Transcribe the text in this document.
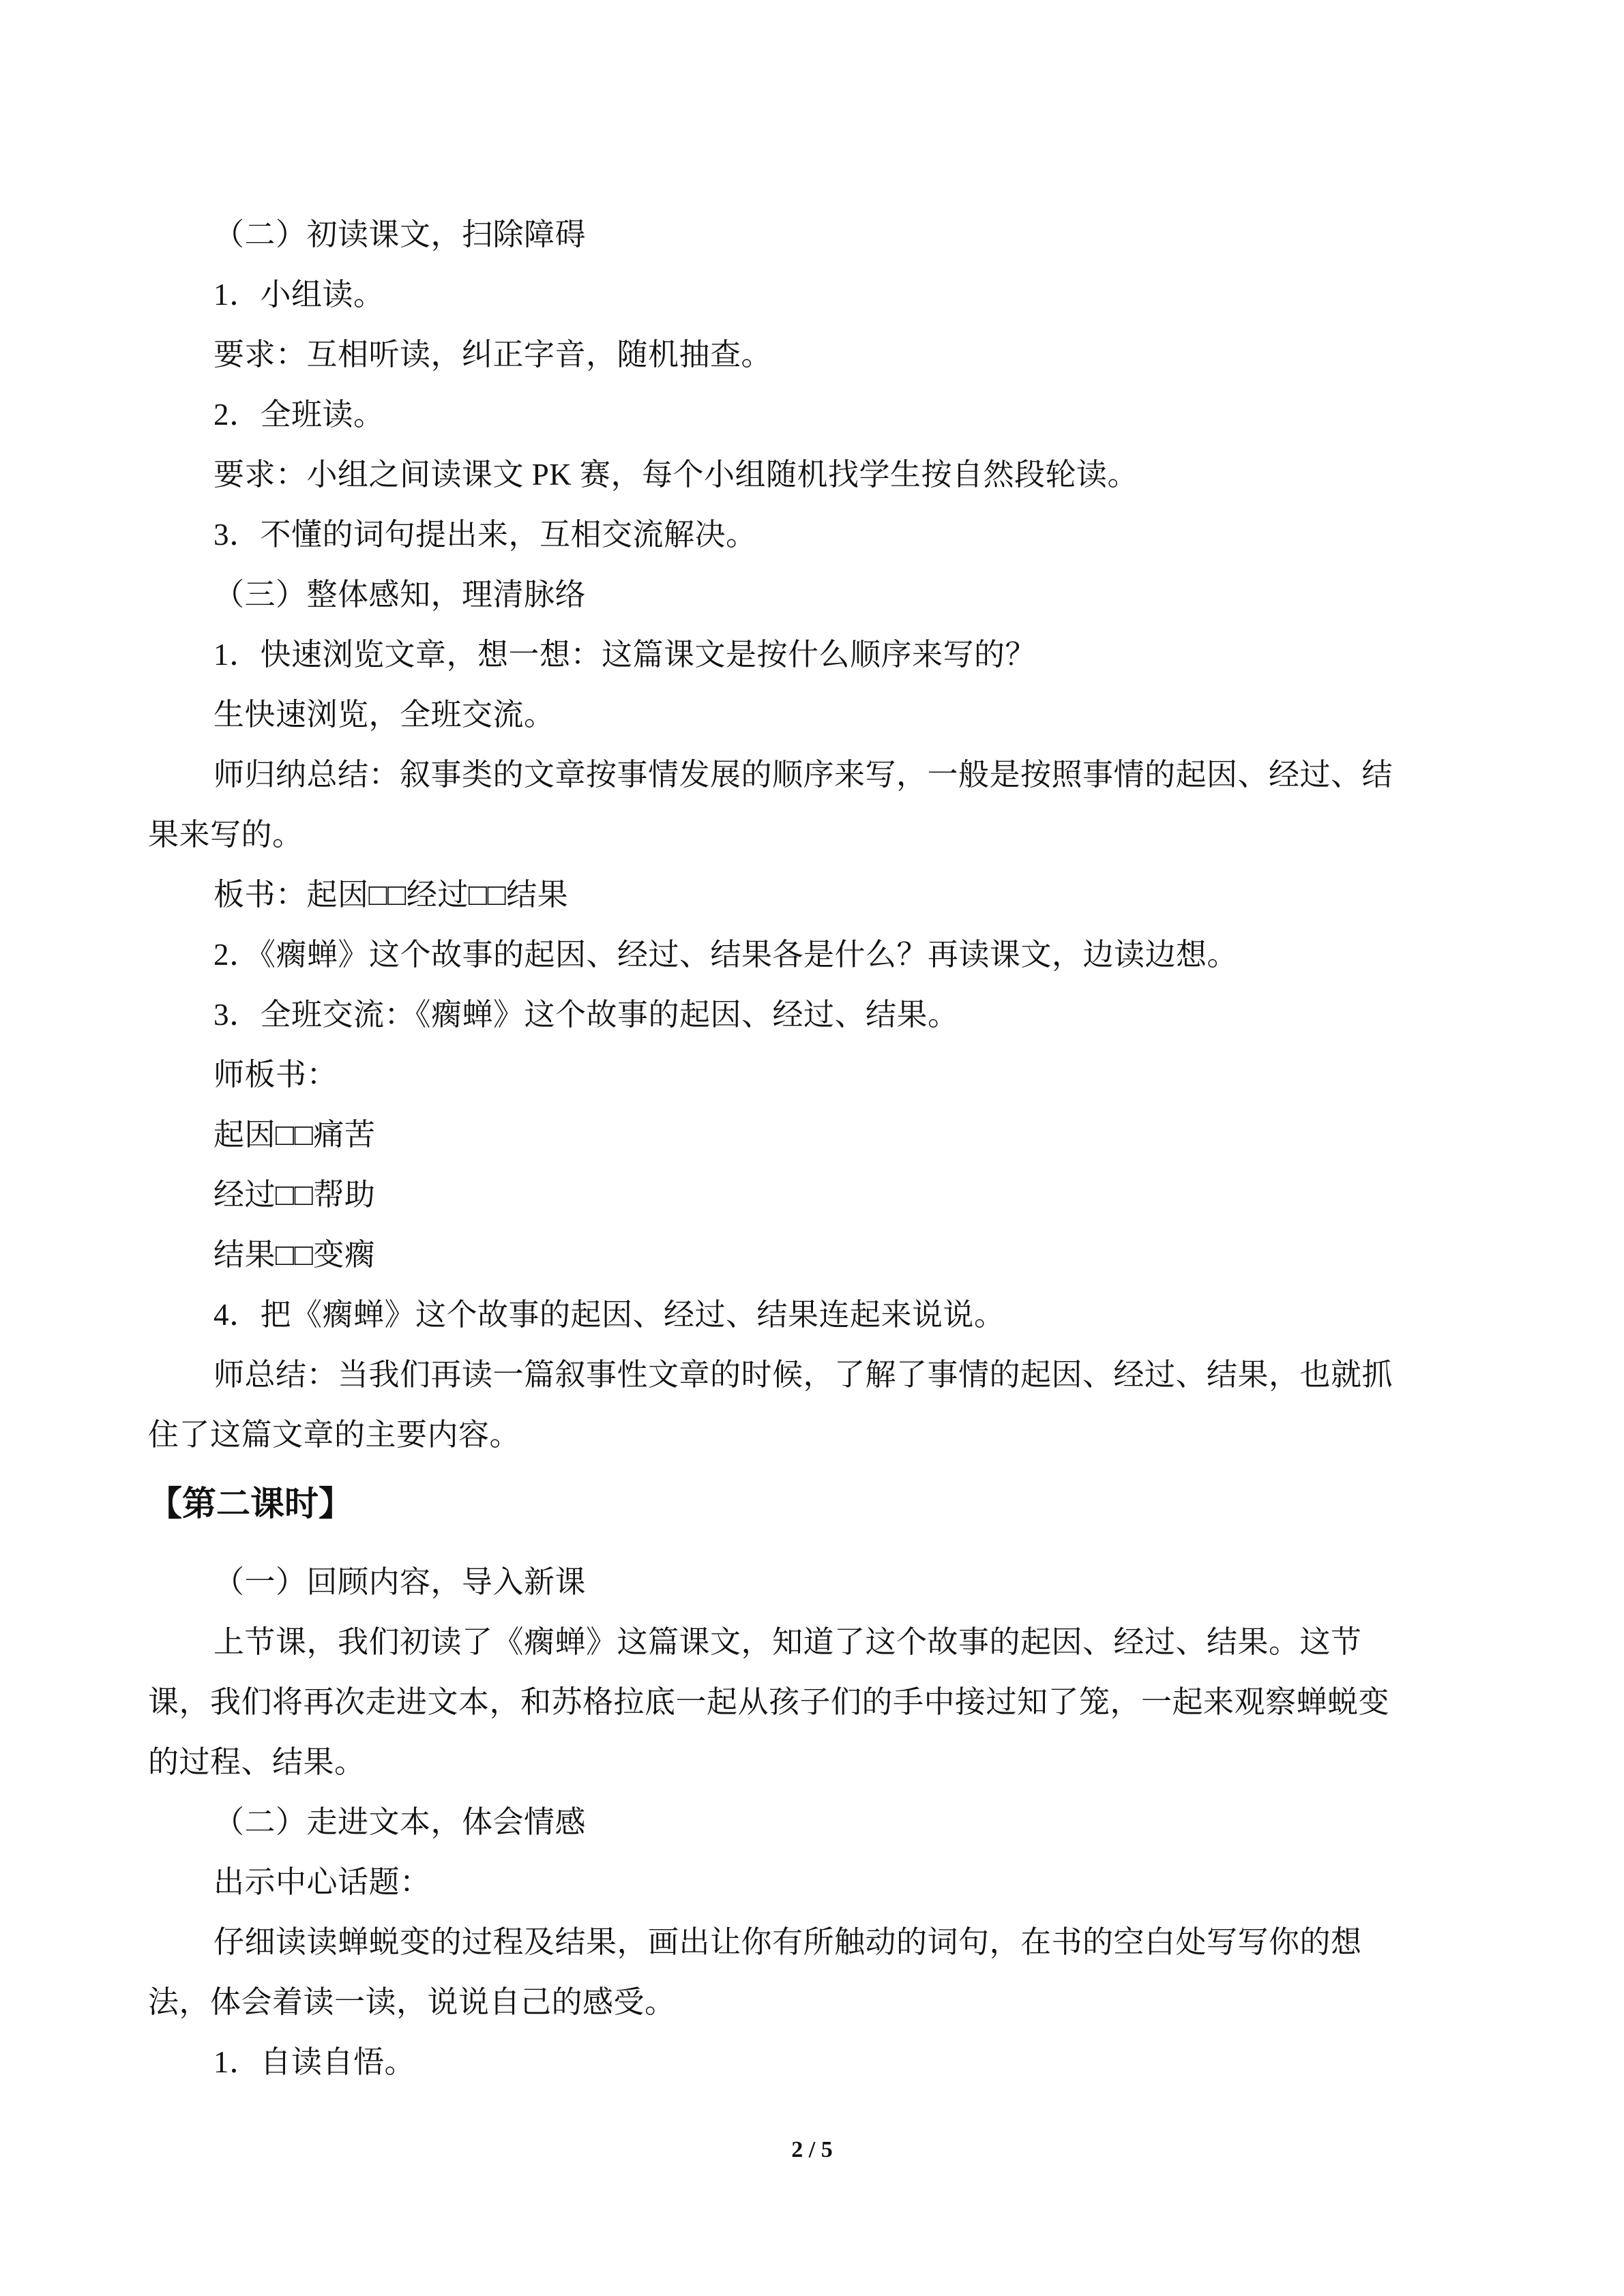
（二）初读课文，扫除障碍
1．小组读。
要求：互相听读，纠正字音，随机抽查。
2．全班读。
要求：小组之间读课文 PK 赛，每个小组随机找学生按自然段轮读。
3．不懂的词句提出来，互相交流解决。
（三）整体感知，理清脉络
1．快速浏览文章，想一想：这篇课文是按什么顺序来写的？
生快速浏览，全班交流。
师归纳总结：叙事类的文章按事情发展的顺序来写，一般是按照事情的起因、经过、结
果来写的。
板书：起因□□经过□□结果
2．《瘸蝉》这个故事的起因、经过、结果各是什么？再读课文，边读边想。
3．全班交流：《瘸蝉》这个故事的起因、经过、结果。
师板书：
起因□□痛苦
经过□□帮助
结果□□变瘸
4．把《瘸蝉》这个故事的起因、经过、结果连起来说说。
师总结：当我们再读一篇叙事性文章的时候，了解了事情的起因、经过、结果，也就抓
住了这篇文章的主要内容。
【第二课时】
（一）回顾内容，导入新课
上节课，我们初读了《瘸蝉》这篇课文，知道了这个故事的起因、经过、结果。这节
课，我们将再次走进文本，和苏格拉底一起从孩子们的手中接过知了笼，一起来观察蝉蜕变
的过程、结果。
（二）走进文本，体会情感
出示中心话题：
仔细读读蝉蜕变的过程及结果，画出让你有所触动的词句，在书的空白处写写你的想
法，体会着读一读，说说自己的感受。
1．自读自悟。
2 / 5
